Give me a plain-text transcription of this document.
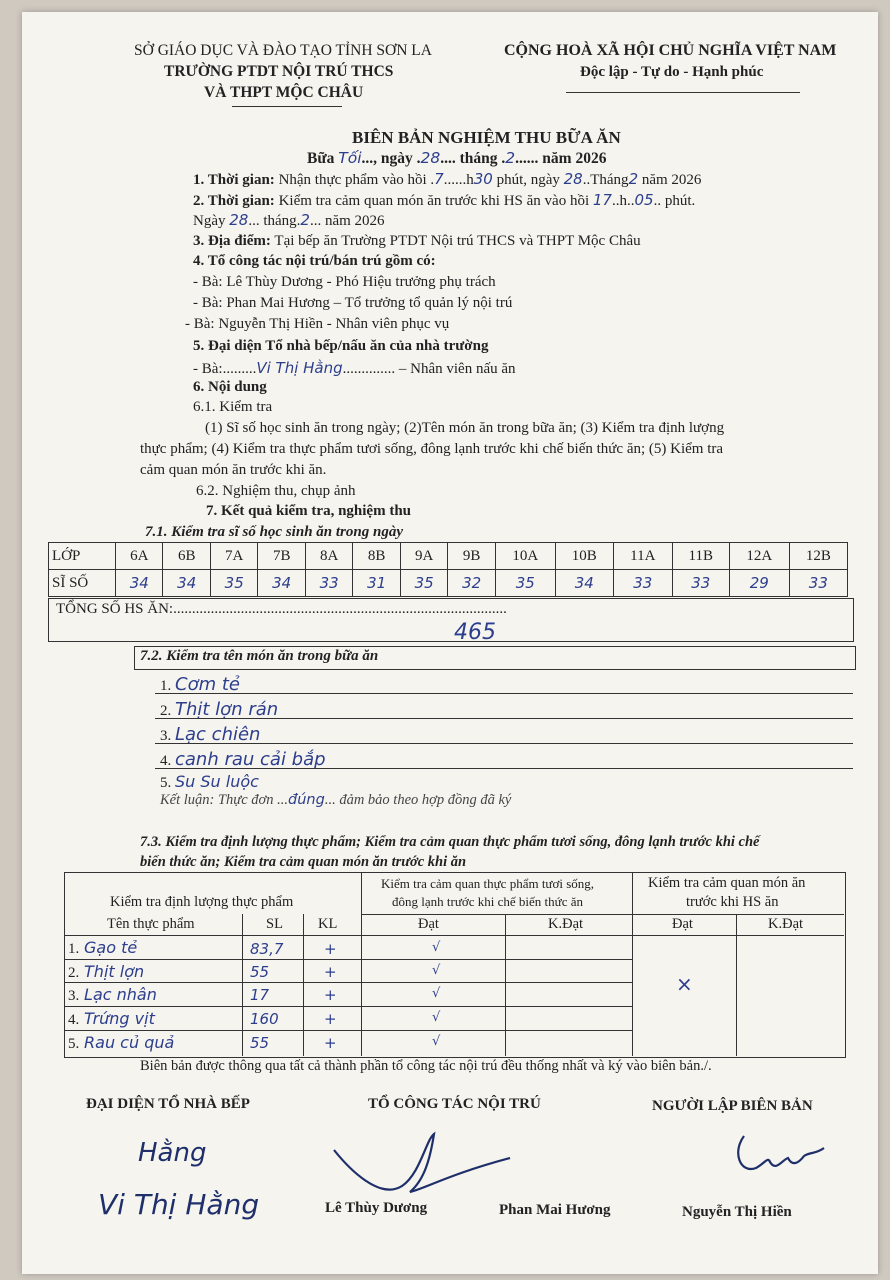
SỞ GIÁO DỤC VÀ ĐÀO TẠO TỈNH SƠN LA
TRƯỜNG PTDT NỘI TRÚ THCS
VÀ THPT MỘC CHÂU
CỘNG HOÀ XÃ HỘI CHỦ NGHĨA VIỆT NAM
Độc lập - Tự do - Hạnh phúc
BIÊN BẢN NGHIỆM THU BỮA ĂN
Bữa Tối..., ngày .28.... tháng .2...... năm 2026
1. Thời gian: Nhận thực phẩm vào hồi .7......h30 phút, ngày 28..Tháng2 năm 2026
2. Thời gian: Kiểm tra cảm quan món ăn trước khi HS ăn vào hồi 17..h..05.. phút.
Ngày 28... tháng.2... năm 2026
3. Địa điểm: Tại bếp ăn Trường PTDT Nội trú THCS và THPT Mộc Châu
4. Tổ công tác nội trú/bán trú gồm có:
- Bà: Lê Thùy Dương - Phó Hiệu trưởng phụ trách
- Bà: Phan Mai Hương – Tổ trưởng tổ quản lý nội trú
- Bà: Nguyễn Thị Hiền - Nhân viên phục vụ
5. Đại diện Tổ nhà bếp/nấu ăn của nhà trường
- Bà:.........Vi Thị Hằng.............. – Nhân viên nấu ăn
6. Nội dung
6.1. Kiểm tra
(1) Sĩ số học sinh ăn trong ngày; (2)Tên món ăn trong bữa ăn; (3) Kiểm tra định lượng
thực phẩm; (4) Kiểm tra thực phẩm tươi sống, đông lạnh trước khi chế biến thức ăn; (5) Kiểm tra
cảm quan món ăn trước khi ăn.
6.2. Nghiệm thu, chụp ảnh
7. Kết quả kiểm tra, nghiệm thu
7.1. Kiểm tra sĩ số học sinh ăn trong ngày
LỚP	6A	6B	7A	7B	8A	8B	9A	9B	10A	10B	11A	11B	12A	12B
SĨ SỐ	34	34	35	34	33	31	35	32	35	34	33	33	29	33
TỔNG SỐ HS ĂN:.........................................................................................
465
7.2. Kiểm tra tên món ăn trong bữa ăn
1. Cơm tẻ
2. Thịt lợn rán
3. Lạc chiên
4. canh rau cải bắp
5. Su Su luộc
Kết luận: Thực đơn ...đúng... đảm bảo theo hợp đồng đã ký
7.3. Kiểm tra định lượng thực phẩm; Kiểm tra cảm quan thực phẩm tươi sống, đông lạnh trước khi chế
biến thức ăn; Kiểm tra cảm quan món ăn trước khi ăn
Kiểm tra định lượng thực phẩm
Kiểm tra cảm quan thực phẩm tươi sống,
đông lạnh trước khi chế biến thức ăn
Kiểm tra cảm quan món ăn
trước khi HS ăn
Tên thực phẩm	SL KL	Đạt	K.Đạt	Đạt	K.Đạt
1. Gạo tẻ	83,7	+	√
2. Thịt lợn	55	+	√
3. Lạc nhân	17	+	√
4. Trứng vịt	160	+	√
5. Rau củ quả	55	+	√
×
Biên bản được thông qua tất cả thành phần tổ công tác nội trú đều thống nhất và ký vào biên bản./.
ĐẠI DIỆN TỔ NHÀ BẾP	TỔ CÔNG TÁC NỘI TRÚ	NGƯỜI LẬP BIÊN BẢN
Hằng
Vi Thị Hằng	Lê Thùy Dương	Phan Mai Hương	Nguyễn Thị Hiền
